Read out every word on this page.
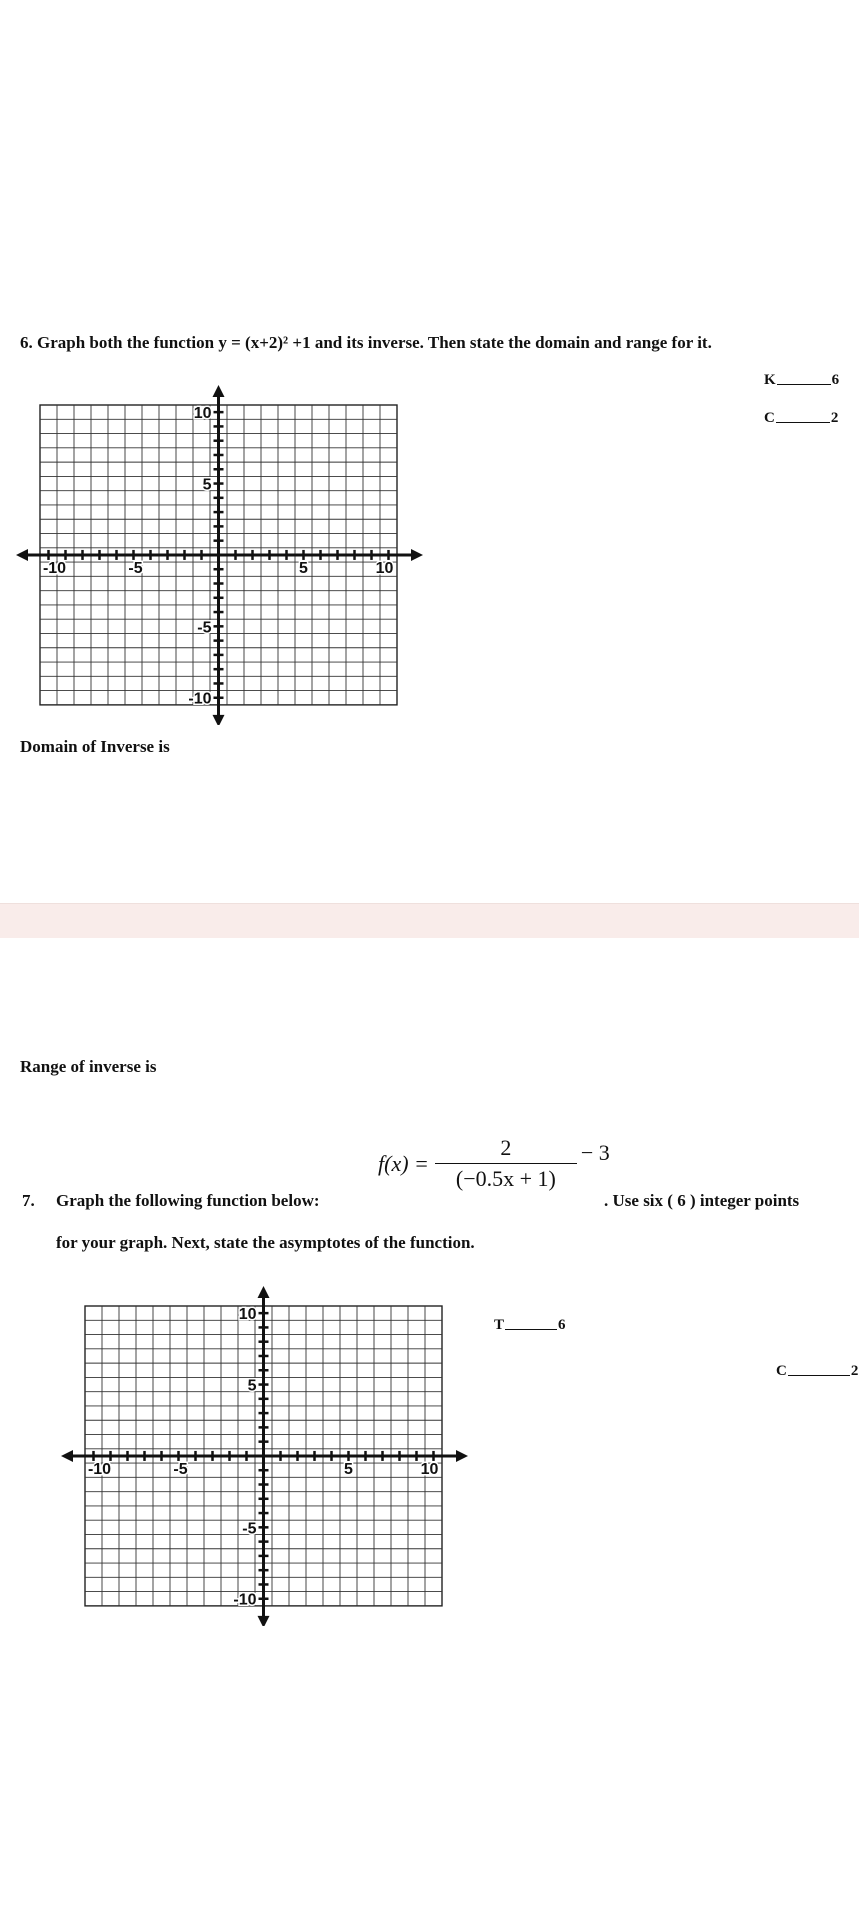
6. Graph both the function y = (x+2)² +1 and its inverse. Then state the domain and range for it.
K	6
C	2
-10	-5	5	10
10
5
-5
-10
Domain of Inverse is
Range of inverse is
f(x) =
2
(−0.5x + 1)
− 3
7. Graph the following function below:	. Use six ( 6 ) integer points
for your graph. Next, state the asymptotes of the function.
T	6
C	2
-10	-5	5	10
10
5
-5
-10
